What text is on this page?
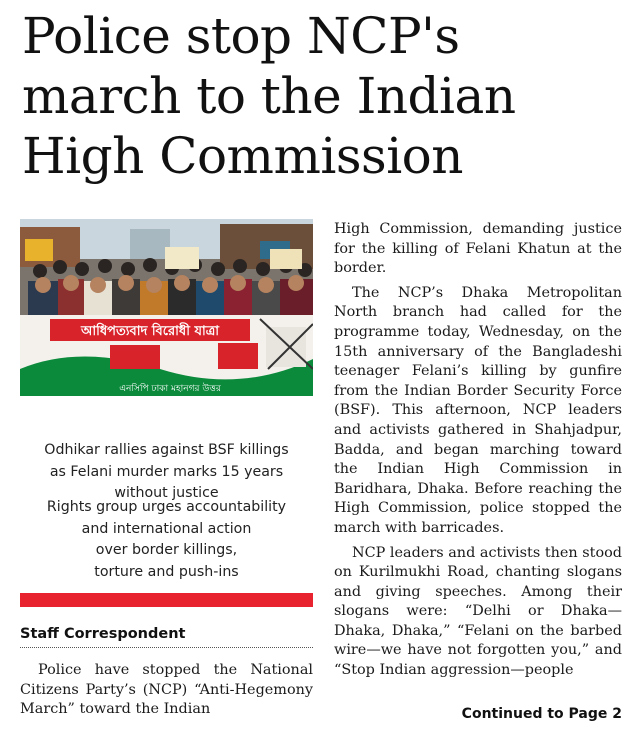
Police stop NCP's
march to the Indian
High Commission
আধিপত্যবাদ বিরোধী যাত্রা
এনসিপি ঢাকা মহানগর উত্তর
Odhikar rallies against BSF killings
as Felani murder marks 15 years
without justice
Rights group urges accountability
and international action
over border killings,
torture and push-ins
Staff Correspondent

Police have stopped the National Citizens Party’s (NCP) “Anti-Hegemony March” toward the Indian

High Commission, demanding justice for the killing of Felani Khatun at the border.

The NCP’s Dhaka Metropolitan North branch had called for the programme today, Wednesday, on the 15th anniversary of the Bangladeshi teenager Felani’s killing by gunfire from the Indian Border Security Force (BSF). This afternoon, NCP leaders and activists gathered in Shahjadpur, Badda, and began marching toward the Indian High Commission in Baridhara, Dhaka. Before reaching the High Commission, police stopped the march with barricades.

NCP leaders and activists then stood on Kurilmukhi Road, chanting slogans and giving speeches. Among their slogans were: “Delhi or Dhaka—Dhaka, Dhaka,” “Felani on the barbed wire—we have not forgotten you,” and “Stop Indian aggression—people

Continued to Page 2
